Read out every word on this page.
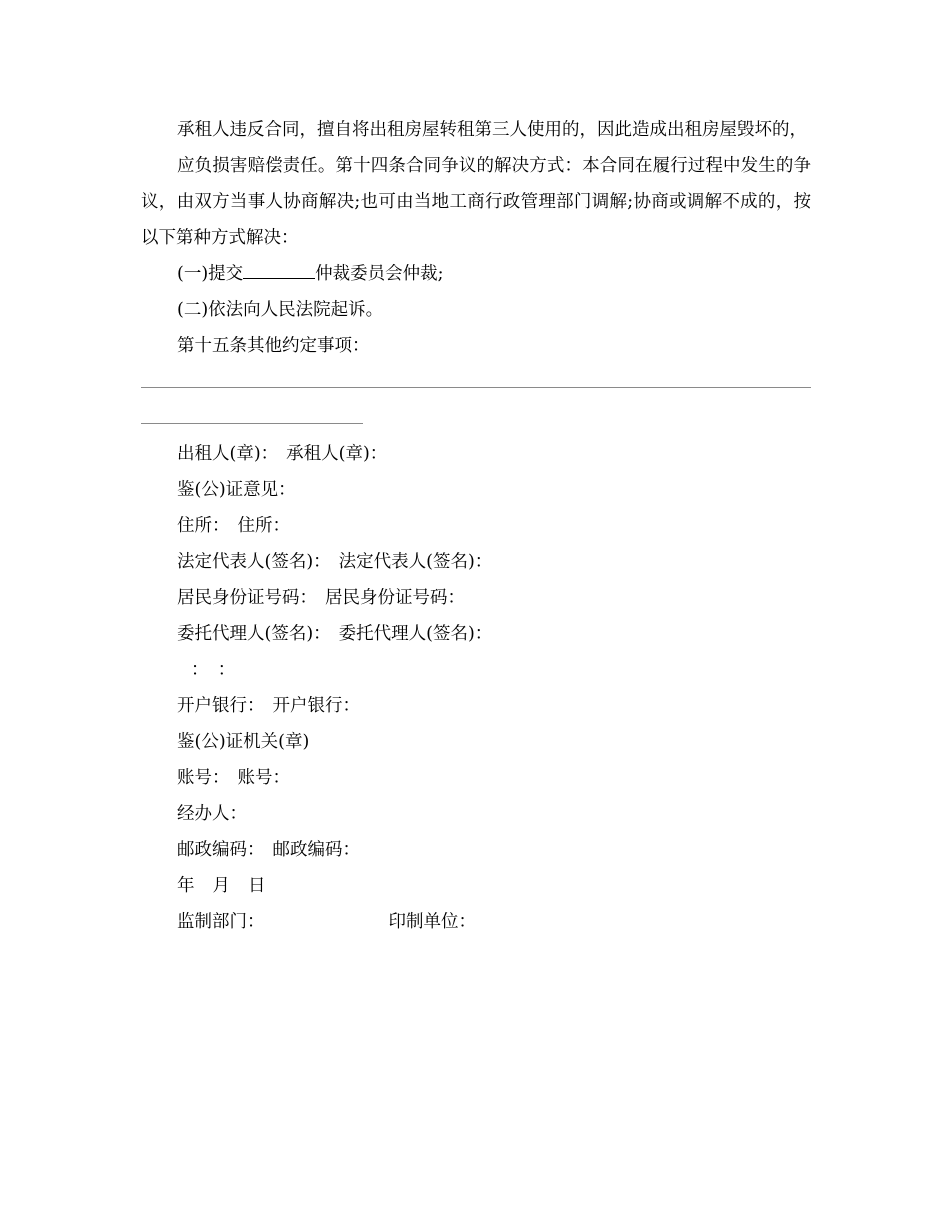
承租人违反合同，擅自将出租房屋转租第三人使用的，因此造成出租房屋毁坏的，

应负损害赔偿责任。第十四条合同争议的解决方式：本合同在履行过程中发生的争议，由双方当事人协商解决;也可由当地工商行政管理部门调解;协商或调解不成的，按以下第种方式解决：

(一)提交	仲裁委员会仲裁;

(二)依法向人民法院起诉。

第十五条其他约定事项：

出租人(章)： 承租人(章)：

鉴(公)证意见：

住所： 住所：

法定代表人(签名)： 法定代表人(签名)：

居民身份证号码： 居民身份证号码：

委托代理人(签名)： 委托代理人(签名)：

：：

开户银行： 开户银行：

鉴(公)证机关(章)

账号： 账号：

经办人：

邮政编码： 邮政编码：

年 月 日

监制部门：	印制单位：
